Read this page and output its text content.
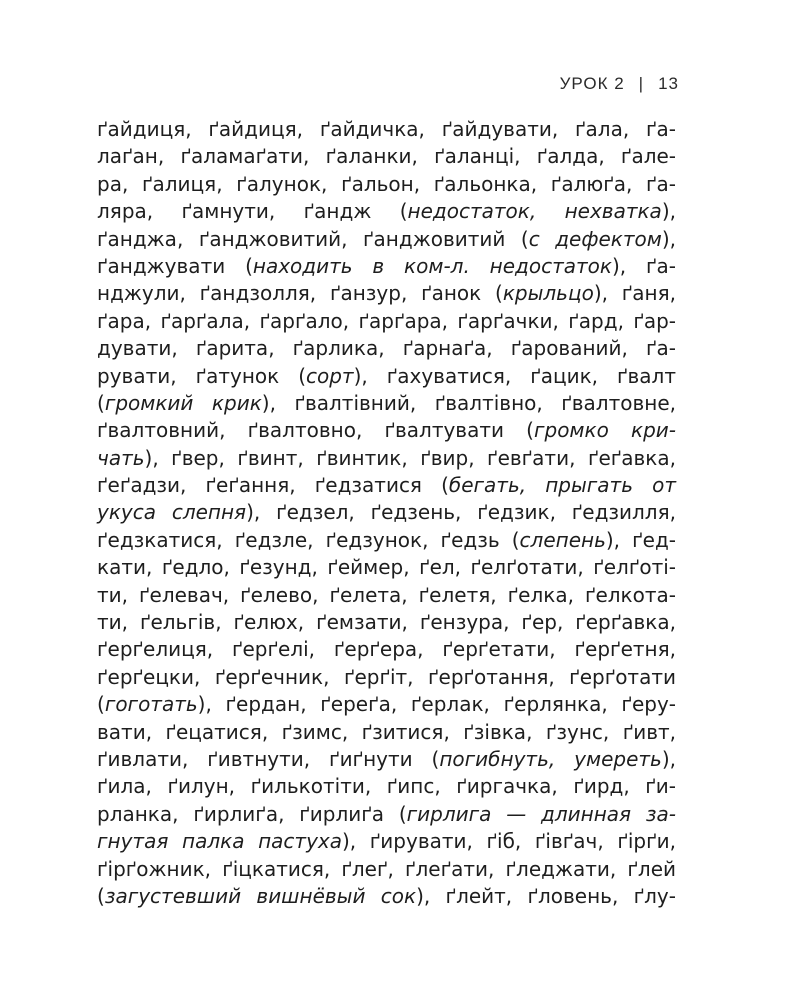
УРОК 2 | 13
ґайдиця, ґайдиця, ґайдичка, ґайдувати, ґала, ґа-
лаґан, ґаламаґати, ґаланки, ґаланці, ґалда, ґале-
ра, ґалиця, ґалунок, ґальон, ґальонка, ґалюґа, ґа-
ляра, ґамнути, ґандж (недостаток, нехватка),
ґанджа, ґанджовитий, ґанджовитий (с дефектом),
ґанджувати (находить в ком-л. недостаток), ґа-
нджули, ґандзолля, ґанзур, ґанок (крыльцо), ґаня,
ґара, ґарґала, ґарґало, ґарґара, ґарґачки, ґард, ґар-
дувати, ґарита, ґарлика, ґарнаґа, ґарований, ґа-
рувати, ґатунок (сорт), ґахуватися, ґацик, ґвалт
(громкий крик), ґвалтівний, ґвалтівно, ґвалтовне,
ґвалтовний, ґвалтовно, ґвалтувати (громко кри-
чать), ґвер, ґвинт, ґвинтик, ґвир, ґевґати, ґеґавка,
ґеґадзи, ґеґання, ґедзатися (бегать, прыгать от
укуса слепня), ґедзел, ґедзень, ґедзик, ґедзилля,
ґедзкатися, ґедзле, ґедзунок, ґедзь (слепень), ґед-
кати, ґедло, ґезунд, ґеймер, ґел, ґелґотати, ґелґоті-
ти, ґелевач, ґелево, ґелета, ґелетя, ґелка, ґелкота-
ти, ґельгів, ґелюх, ґемзати, ґензура, ґер, ґерґавка,
ґерґелиця, ґерґелі, ґерґера, ґерґетати, ґерґетня,
ґерґецки, ґерґечник, ґерґіт, ґерґотання, ґерґотати
(гоготать), ґердан, ґереґа, ґерлак, ґерлянка, ґеру-
вати, ґецатися, ґзимс, ґзитися, ґзівка, ґзунс, ґивт,
ґивлати, ґивтнути, ґиґнути (погибнуть, умереть),
ґила, ґилун, ґилькотіти, ґипс, ґиргачка, ґирд, ґи-
рланка, ґирлиґа, ґирлиґа (гирлига — длинная за-
гнутая палка пастуха), ґирувати, ґіб, ґівґач, ґірґи,
ґірґожник, ґіцкатися, ґлеґ, ґлеґати, ґледжати, ґлей
(загустевший вишнёвый сок), ґлейт, ґловень, ґлу-
